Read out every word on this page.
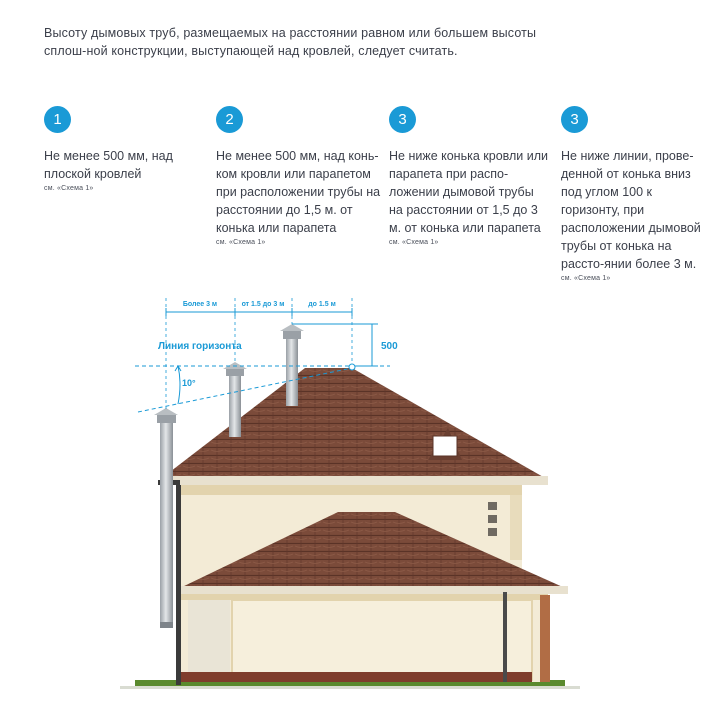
Высоту дымовых труб, размещаемых на расстоянии равном или большем высоты сплош-ной конструкции, выступающей над кровлей, следует считать.
1
Не менее 500 мм, над плоской кровлей
см. «Схема 1»
2
Не менее 500 мм, над конь-ком кровли или парапетом при расположении трубы на расстоянии до 1,5 м. от конька или парапета
см. «Схема 1»
3
Не ниже конька кровли или парапета при распо-ложении дымовой трубы на расстоянии от 1,5 до 3 м. от конька или парапета
см. «Схема 1»
3
Не ниже линии, прове-денной от конька вниз под углом 100 к горизонту, при расположении дымовой трубы от конька на рассто-янии более 3 м.
см. «Схема 1»
Более 3 м	от 1.5 до 3 м	до 1.5 м
Линия горизонта	500
10°
